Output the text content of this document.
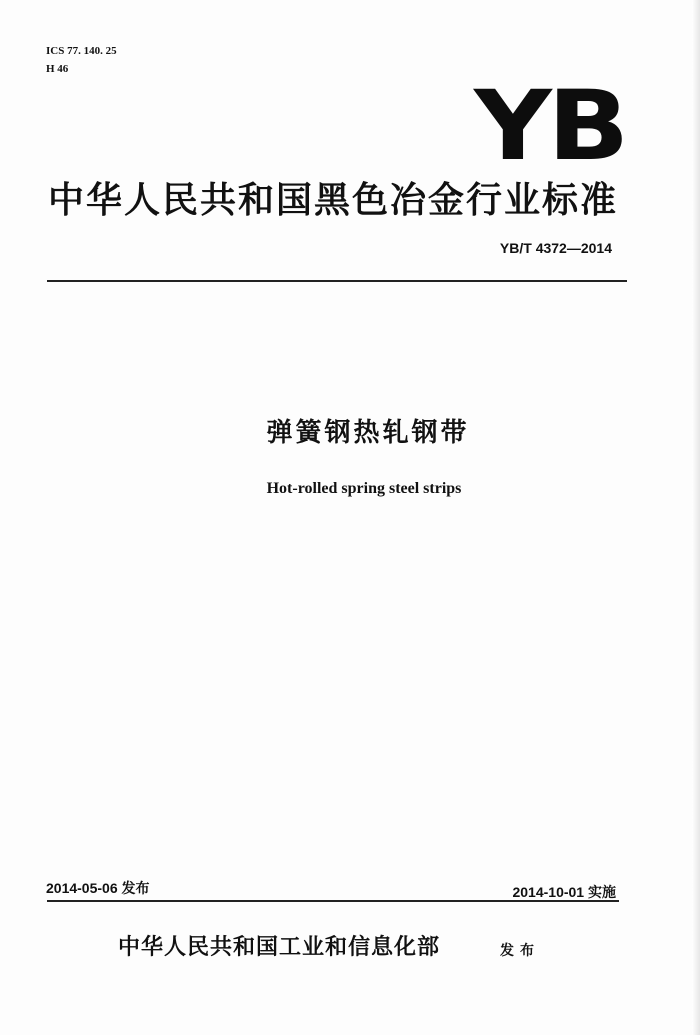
ICS 77. 140. 25
H 46
YB
中华人民共和国黑色冶金行业标准
YB/T 4372—2014
弹簧钢热轧钢带
Hot-rolled spring steel strips
2014-05-06 发布	2014-10-01 实施
中华人民共和国工业和信息化部	发布
